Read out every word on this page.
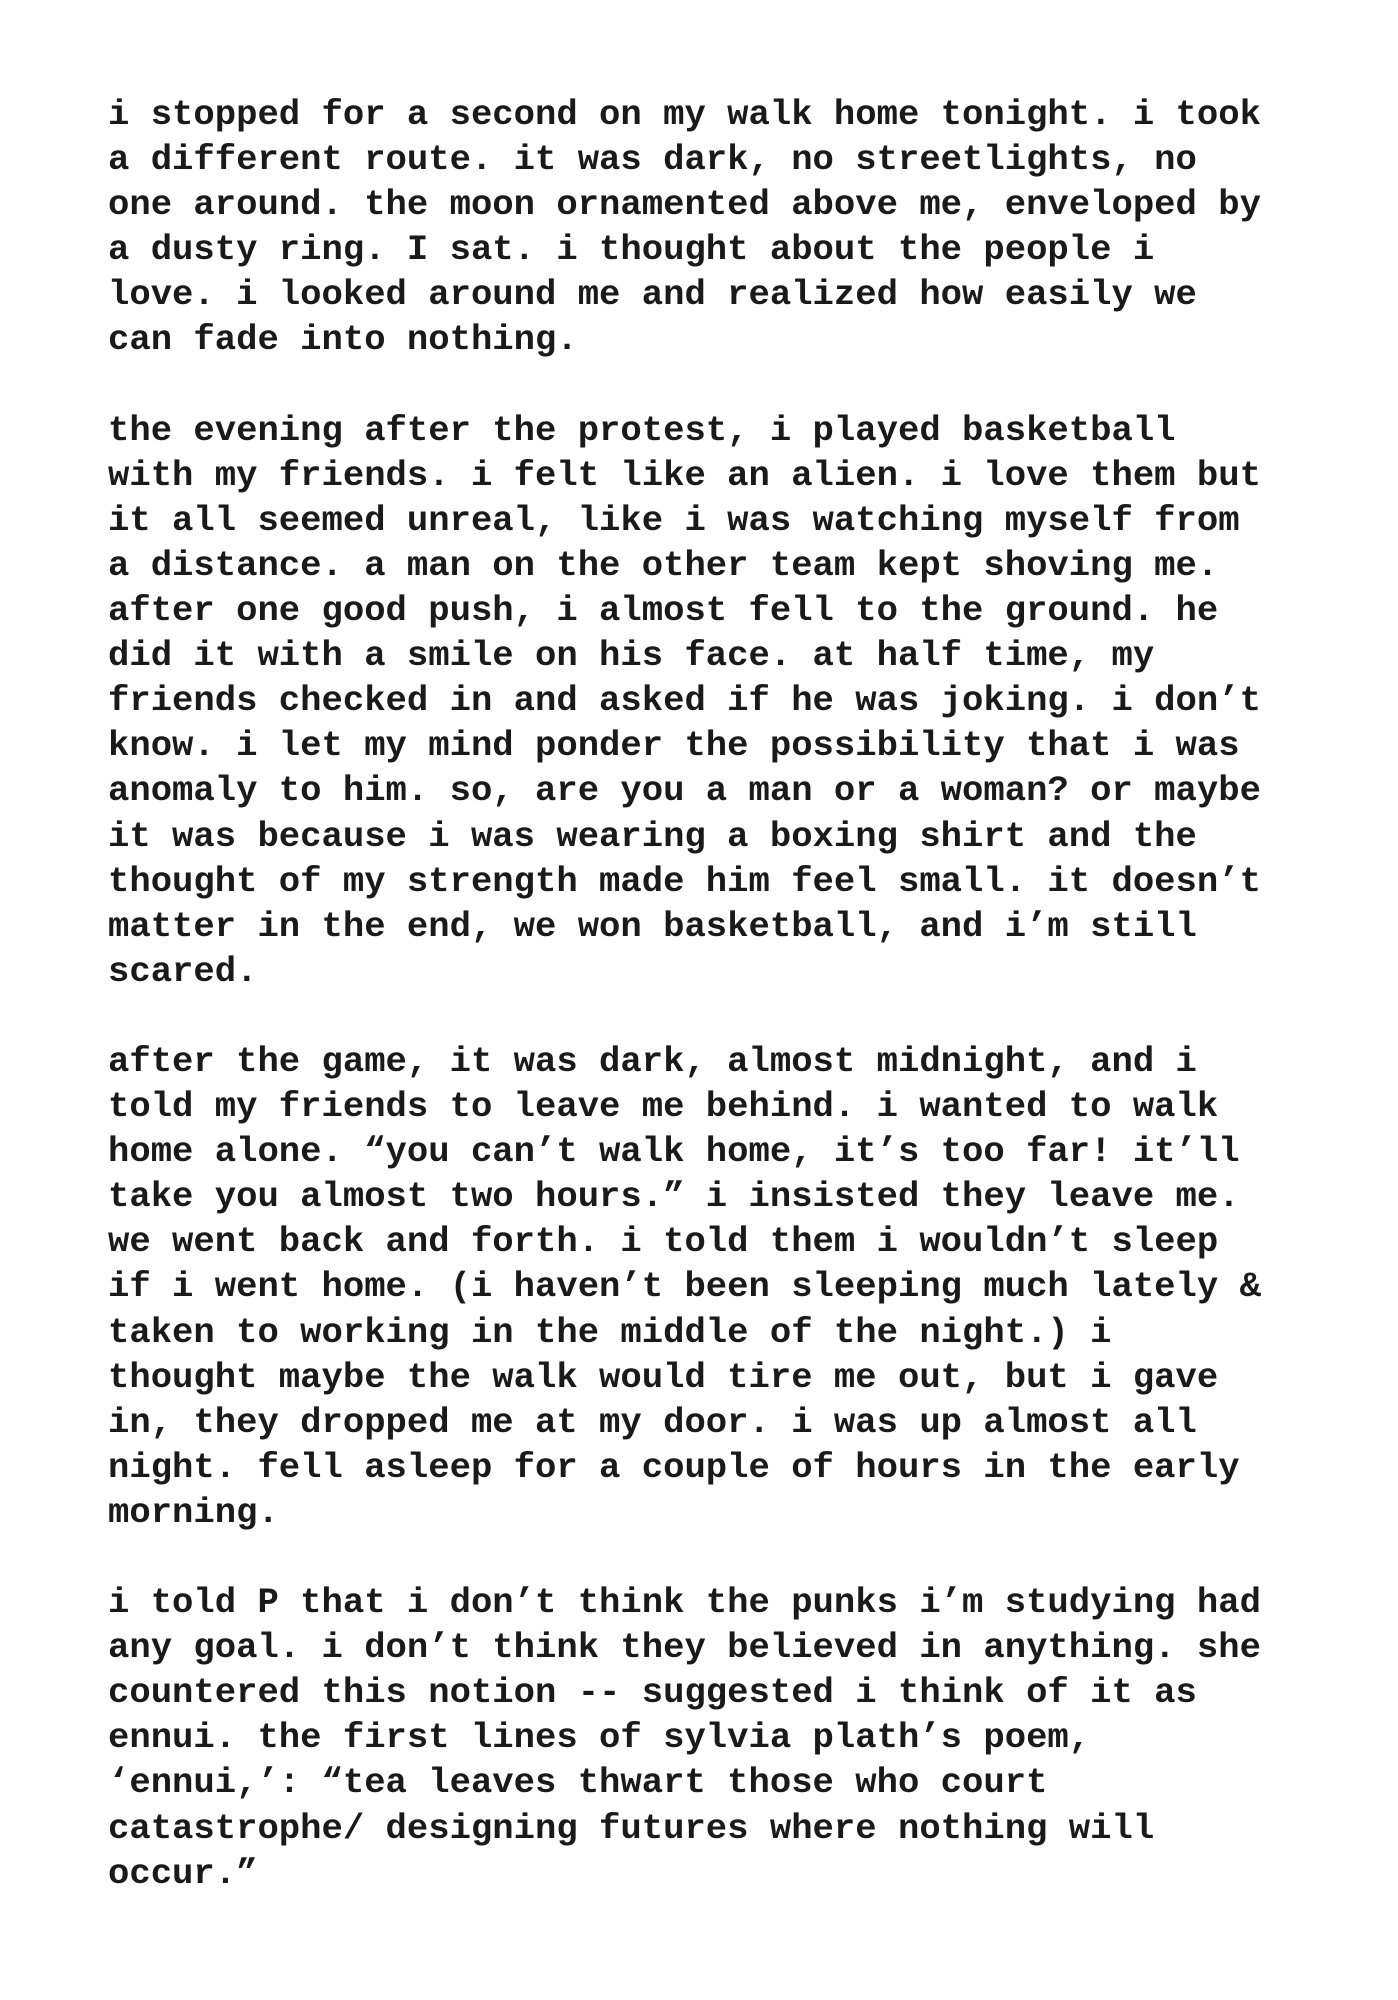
i stopped for a second on my walk home tonight. i took
a different route. it was dark, no streetlights, no
one around. the moon ornamented above me, enveloped by
a dusty ring. I sat. i thought about the people i
love. i looked around me and realized how easily we
can fade into nothing.
the evening after the protest, i played basketball
with my friends. i felt like an alien. i love them but
it all seemed unreal, like i was watching myself from
a distance. a man on the other team kept shoving me.
after one good push, i almost fell to the ground. he
did it with a smile on his face. at half time, my
friends checked in and asked if he was joking. i don’t
know. i let my mind ponder the possibility that i was
anomaly to him. so, are you a man or a woman? or maybe
it was because i was wearing a boxing shirt and the
thought of my strength made him feel small. it doesn’t
matter in the end, we won basketball, and i’m still
scared.
after the game, it was dark, almost midnight, and i
told my friends to leave me behind. i wanted to walk
home alone. “you can’t walk home, it’s too far! it’ll
take you almost two hours.” i insisted they leave me.
we went back and forth. i told them i wouldn’t sleep
if i went home. (i haven’t been sleeping much lately &
taken to working in the middle of the night.) i
thought maybe the walk would tire me out, but i gave
in, they dropped me at my door. i was up almost all
night. fell asleep for a couple of hours in the early
morning.
i told P that i don’t think the punks i’m studying had
any goal. i don’t think they believed in anything. she
countered this notion -- suggested i think of it as
ennui. the first lines of sylvia plath’s poem,
‘ennui,’: “tea leaves thwart those who court
catastrophe/ designing futures where nothing will
occur.”
